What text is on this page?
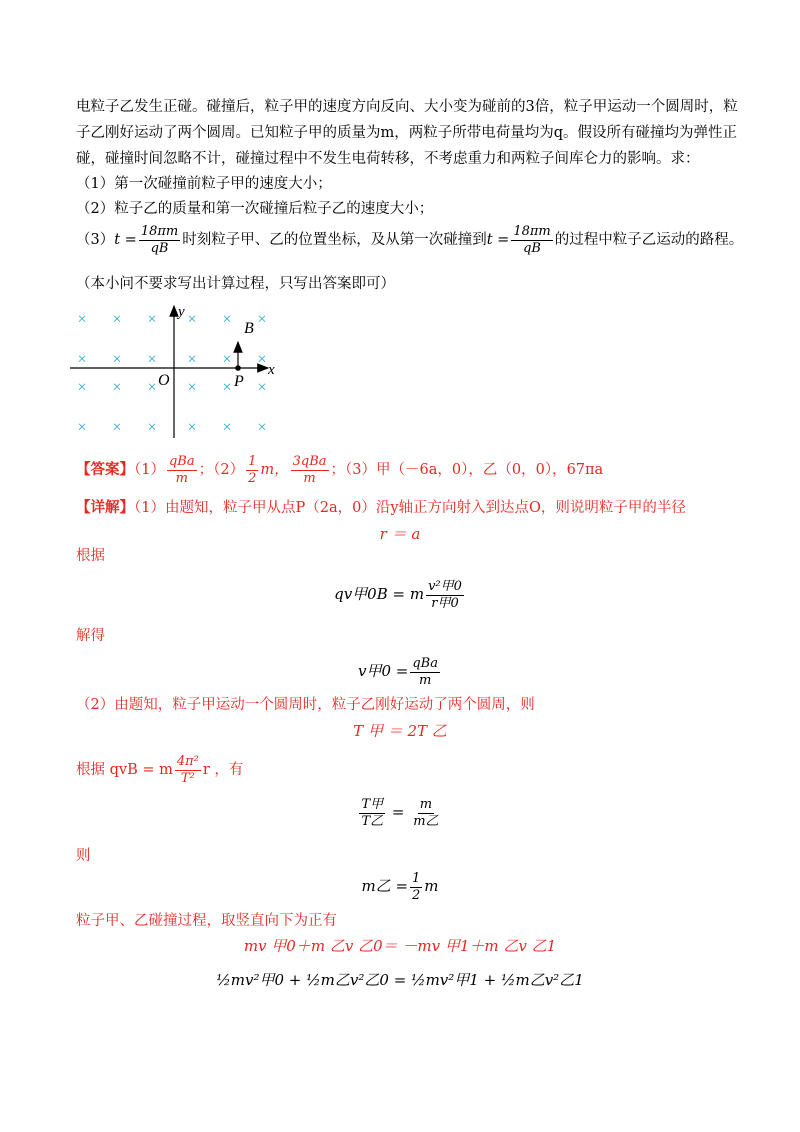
电粒子乙发生正碰。碰撞后，粒子甲的速度方向反向、大小变为碰前的3倍，粒子甲运动一个圆周时，粒
子乙刚好运动了两个圆周。已知粒子甲的质量为m，两粒子所带电荷量均为q。假设所有碰撞均为弹性正
碰，碰撞时间忽略不计，碰撞过程中不发生电荷转移，不考虑重力和两粒子间库仑力的影响。求：
（1）第一次碰撞前粒子甲的速度大小；
（2）粒子乙的质量和第一次碰撞后粒子乙的速度大小；
$(3)t = \frac{18\pi m}{qB}$ 时刻粒子甲、乙的位置坐标，及从第一次碰撞到$t = \frac{18\pi m}{qB}$ 的过程中粒子乙运动的路程。
（本小问不要求写出计算过程，只写出答案即可）
× × × × × ×
× × × × × ×
× × × × × ×
× × × × × ×
y
x
O	P
B
【答案】$(1) \frac{\text{qBa}}{m}$ ；$(2) \frac{1}{2}$ m， $\frac{\text{3qBa}}{m}$ ；（3）甲（－6a，0），乙（0，0），67πa
【详解】（1）由题知，粒子甲从点P（2a，0）沿y轴正方向射入到达点O，则说明粒子甲的半径
r ＝ a
根据
qv甲0B = m $\frac{\text{v²甲0}}{\text{r甲0}}$
解得
v甲$0 = \frac{\text{qBa}}{m}$
（2）由题知，粒子甲运动一个圆周时，粒子乙刚好运动了两个圆周，则
T 甲 ＝ 2T 乙
根据 qvB = m $\frac{\text{4π²}}{\text{T²}}$ r ，有
$\frac{\text{T甲}}{\text{T乙}} = \frac{m}{\text{m乙}}$
则
m乙 = $\frac{1}{2}$ m
粒子甲、乙碰撞过程，取竖直向下为正有
mv 甲0＋m 乙v 乙0＝ －mv 甲1＋m 乙v 乙1
½mv²甲0 + ½m乙v²乙0 = ½mv²甲1 + ½m乙v²乙1
